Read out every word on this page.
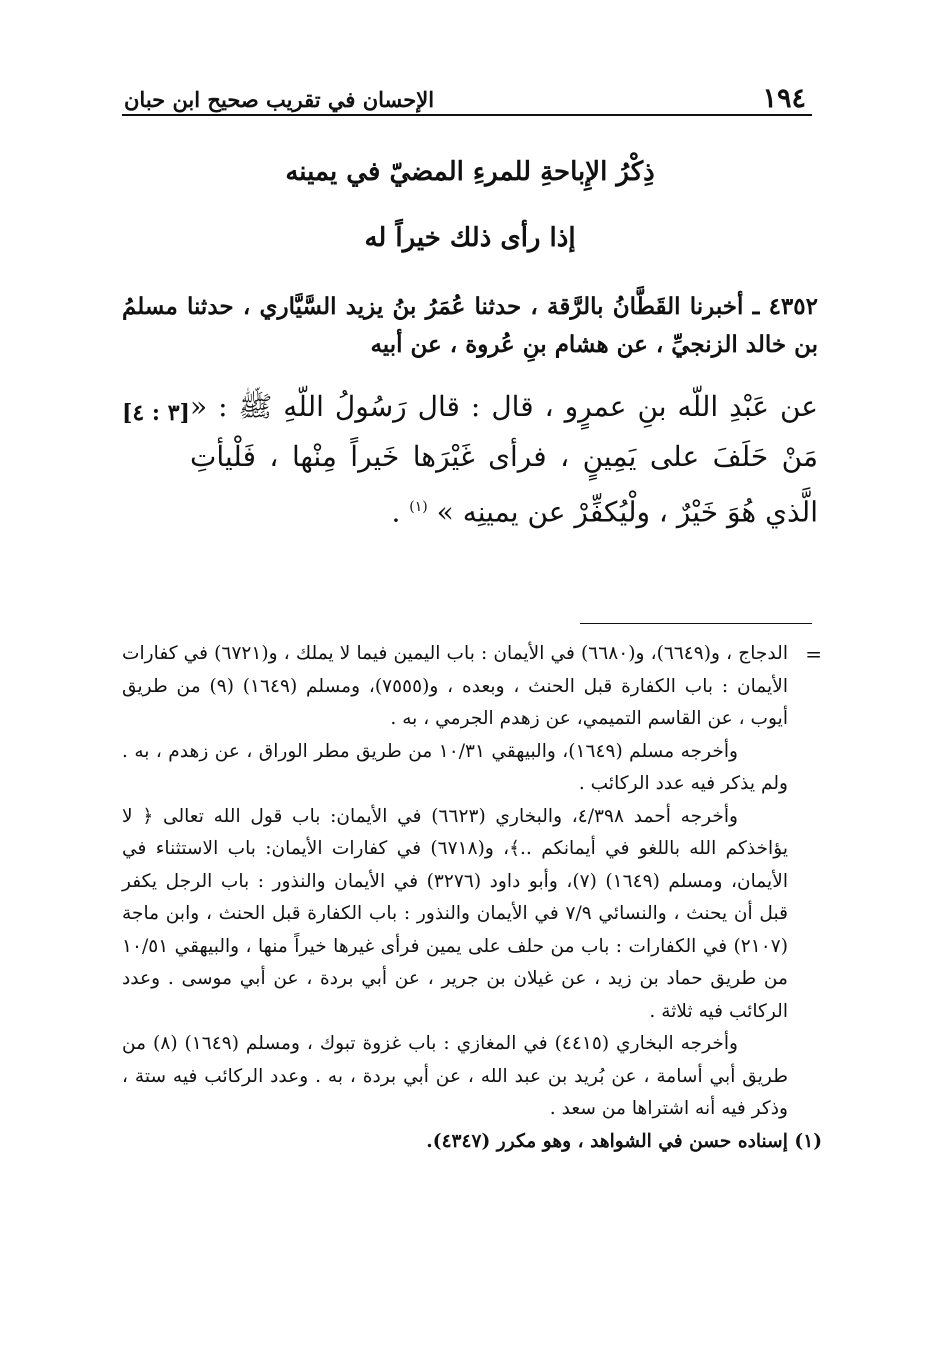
١٩٤
الإحسان في تقريب صحيح ابن حبان
ذِكْرُ الإِباحةِ للمرءِ المضيّ في يمينه
إذا رأى ذلك خيراً له
٤٣٥٢ ـ أخبرنا القَطَّانُ بالرَّقة ، حدثنا عُمَرُ بنُ يزيد السَّيَّاري ، حدثنا مسلمُ بن خالد الزنجيِّ ، عن هشام بنِ عُروة ، عن أبيه
[٣ : ٤] عن عَبْدِ اللّه بنِ عمرٍو ، قال : قال رَسُولُ اللّهِ ﷺ : « مَنْ حَلَفَ على يَمِينٍ ، فرأى غَيْرَها خَيراً مِنْها ، فَلْيأتِ الَّذي هُوَ خَيْرٌ ، ولْيُكفِّرْ عن يمينِه » $^{(١)}$ .
=

الدجاج ، و(٦٦٤٩)، و(٦٦٨٠) في الأيمان : باب اليمين فيما لا يملك ، و(٦٧٢١) في كفارات الأيمان : باب الكفارة قبل الحنث ، وبعده ، و(٧٥٥٥)، ومسلم (١٦٤٩) (٩) من طريق أيوب ، عن القاسم التميمي، عن زهدم الجرمي ، به .

وأخرجه مسلم (١٦٤٩)، والبيهقي ١٠/٣١ من طريق مطر الوراق ، عن زهدم ، به . ولم يذكر فيه عدد الركائب .

وأخرجه أحمد ٤/٣٩٨، والبخاري (٦٦٢٣) في الأيمان: باب قول الله تعالى ﴿ لا يؤاخذكم الله باللغو في أيمانكم ..﴾، و(٦٧١٨) في كفارات الأيمان: باب الاستثناء في الأيمان، ومسلم (١٦٤٩) (٧)، وأبو داود (٣٢٧٦) في الأيمان والنذور : باب الرجل يكفر قبل أن يحنث ، والنسائي ٧/٩ في الأيمان والنذور : باب الكفارة قبل الحنث ، وابن ماجة (٢١٠٧) في الكفارات : باب من حلف على يمين فرأى غيرها خيراً منها ، والبيهقي ١٠/٥١ من طريق حماد بن زيد ، عن غيلان بن جرير ، عن أبي بردة ، عن أبي موسى . وعدد الركائب فيه ثلاثة .

وأخرجه البخاري (٤٤١٥) في المغازي : باب غزوة تبوك ، ومسلم (١٦٤٩) (٨) من طريق أبي أسامة ، عن بُريد بن عبد الله ، عن أبي بردة ، به . وعدد الركائب فيه ستة ، وذكر فيه أنه اشتراها من سعد .

(١) إسناده حسن في الشواهد ، وهو مكرر (٤٣٤٧).
